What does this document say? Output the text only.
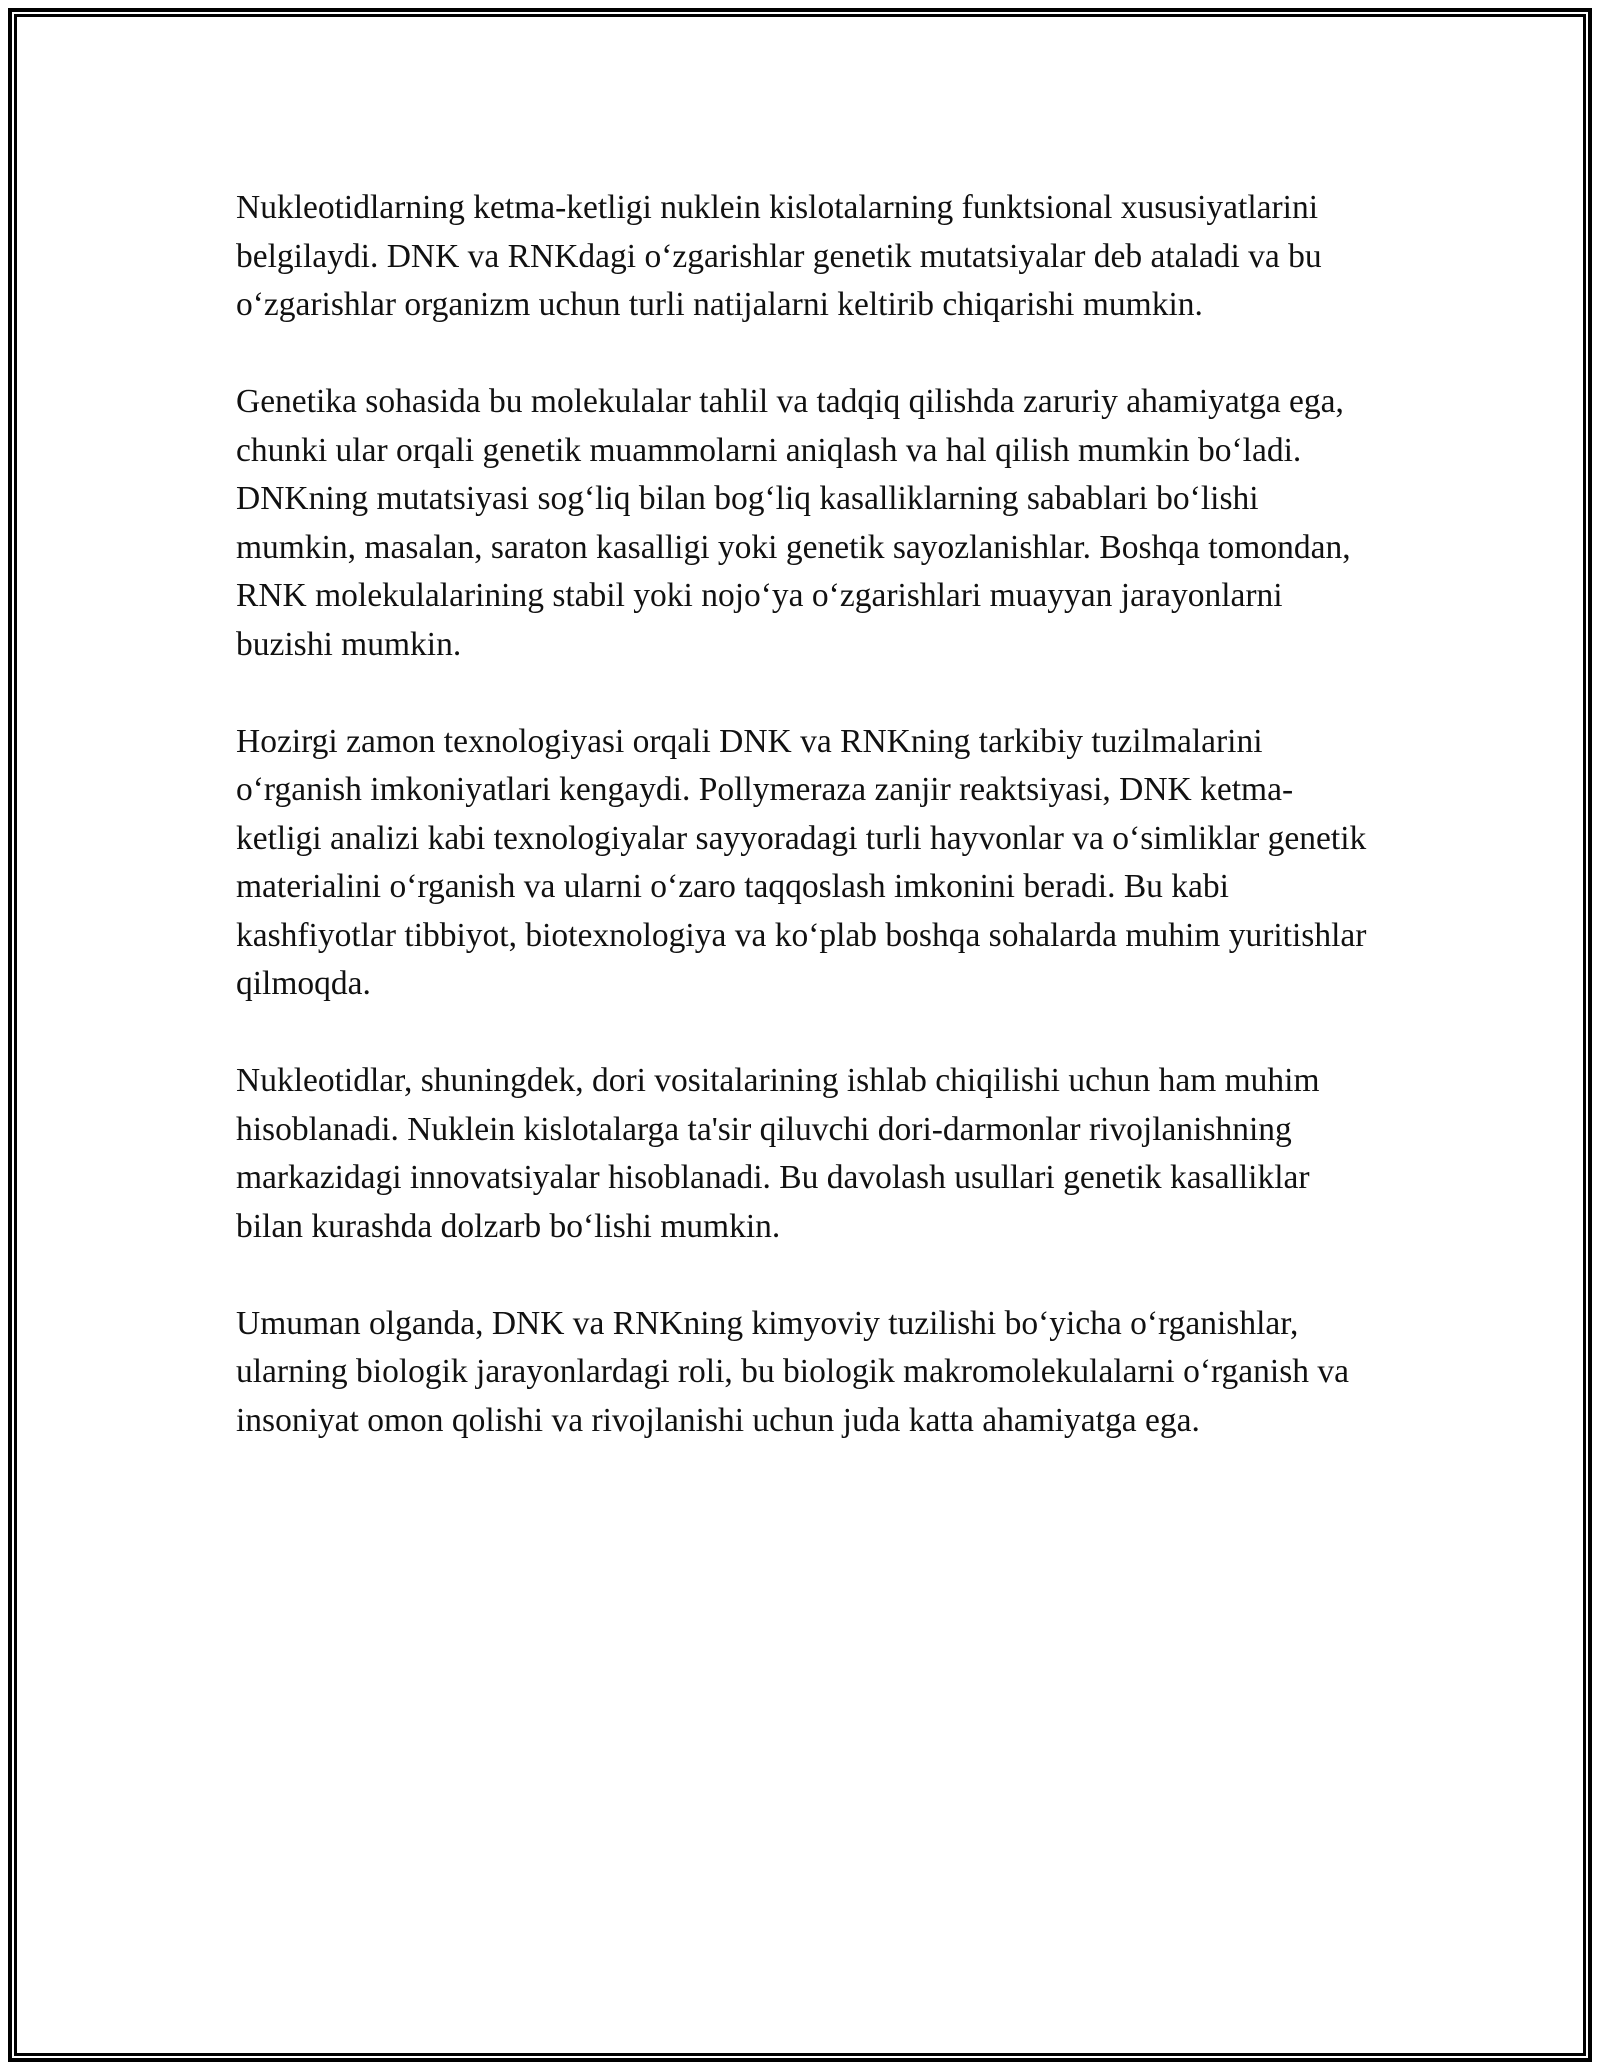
Nukleotidlarning ketma-ketligi nuklein kislotalarning funktsional xususiyatlarini belgilaydi. DNK va RNKdagi o‘zgarishlar genetik mutatsiyalar deb ataladi va bu o‘zgarishlar organizm uchun turli natijalarni keltirib chiqarishi mumkin.

Genetika sohasida bu molekulalar tahlil va tadqiq qilishda zaruriy ahamiyatga ega, chunki ular orqali genetik muammolarni aniqlash va hal qilish mumkin bo‘ladi. DNKning mutatsiyasi sog‘liq bilan bog‘liq kasalliklarning sabablari bo‘lishi mumkin, masalan, saraton kasalligi yoki genetik sayozlanishlar. Boshqa tomondan, RNK molekulalarining stabil yoki nojo‘ya o‘zgarishlari muayyan jarayonlarni buzishi mumkin.

Hozirgi zamon texnologiyasi orqali DNK va RNKning tarkibiy tuzilmalarini o‘rganish imkoniyatlari kengaydi. Pollymeraza zanjir reaktsiyasi, DNK ketma-ketligi analizi kabi texnologiyalar sayyoradagi turli hayvonlar va o‘simliklar genetik materialini o‘rganish va ularni o‘zaro taqqoslash imkonini beradi. Bu kabi kashfiyotlar tibbiyot, biotexnologiya va ko‘plab boshqa sohalarda muhim yuritishlar qilmoqda.

Nukleotidlar, shuningdek, dori vositalarining ishlab chiqilishi uchun ham muhim hisoblanadi. Nuklein kislotalarga ta'sir qiluvchi dori-darmonlar rivojlanishning markazidagi innovatsiyalar hisoblanadi. Bu davolash usullari genetik kasalliklar bilan kurashda dolzarb bo‘lishi mumkin.

Umuman olganda, DNK va RNKning kimyoviy tuzilishi bo‘yicha o‘rganishlar, ularning biologik jarayonlardagi roli, bu biologik makromolekulalarni o‘rganish va insoniyat omon qolishi va rivojlanishi uchun juda katta ahamiyatga ega.
